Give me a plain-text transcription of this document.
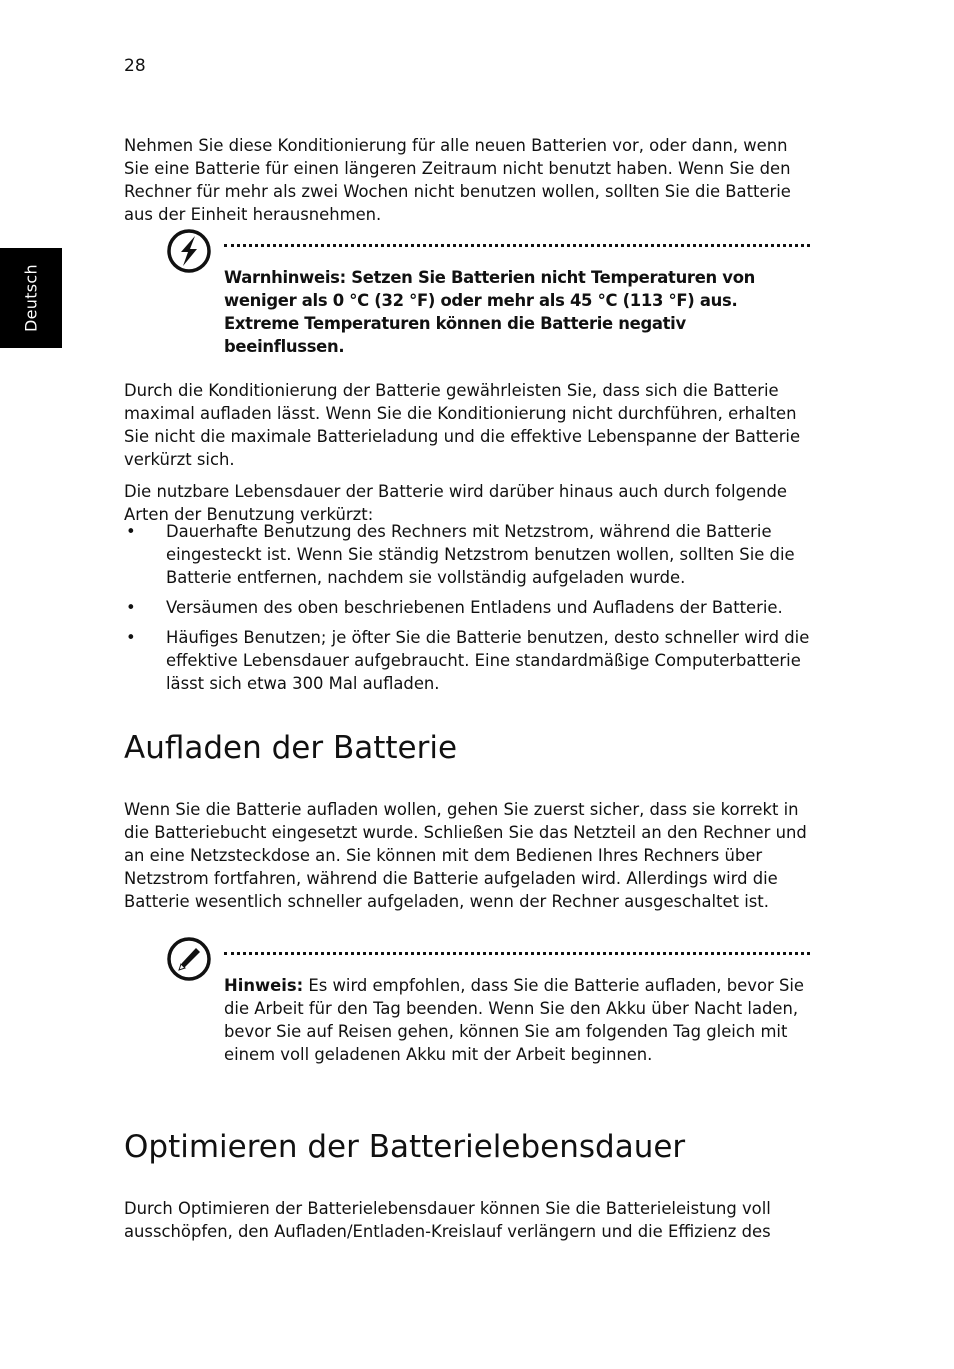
28
Deutsch

Nehmen Sie diese Konditionierung für alle neuen Batterien vor, oder dann, wenn Sie eine Batterie für einen längeren Zeitraum nicht benutzt haben. Wenn Sie den Rechner für mehr als zwei Wochen nicht benutzen wollen, sollten Sie die Batterie aus der Einheit herausnehmen.

Warnhinweis: Setzen Sie Batterien nicht Temperaturen von weniger als 0 °C (32 °F) oder mehr als 45 °C (113 °F) aus. Extreme Temperaturen können die Batterie negativ beeinflussen.

Durch die Konditionierung der Batterie gewährleisten Sie, dass sich die Batterie maximal aufladen lässt. Wenn Sie die Konditionierung nicht durchführen, erhalten Sie nicht die maximale Batterieladung und die effektive Lebenspanne der Batterie verkürzt sich.

Die nutzbare Lebensdauer der Batterie wird darüber hinaus auch durch folgende Arten der Benutzung verkürzt:

• Dauerhafte Benutzung des Rechners mit Netzstrom, während die Batterie eingesteckt ist. Wenn Sie ständig Netzstrom benutzen wollen, sollten Sie die Batterie entfernen, nachdem sie vollständig aufgeladen wurde.
• Versäumen des oben beschriebenen Entladens und Aufladens der Batterie.
• Häufiges Benutzen; je öfter Sie die Batterie benutzen, desto schneller wird die effektive Lebensdauer aufgebraucht. Eine standardmäßige Computerbatterie lässt sich etwa 300 Mal aufladen.
Aufladen der Batterie

Wenn Sie die Batterie aufladen wollen, gehen Sie zuerst sicher, dass sie korrekt in die Batteriebucht eingesetzt wurde. Schließen Sie das Netzteil an den Rechner und an eine Netzsteckdose an. Sie können mit dem Bedienen Ihres Rechners über Netzstrom fortfahren, während die Batterie aufgeladen wird. Allerdings wird die Batterie wesentlich schneller aufgeladen, wenn der Rechner ausgeschaltet ist.

Hinweis: Es wird empfohlen, dass Sie die Batterie aufladen, bevor Sie die Arbeit für den Tag beenden. Wenn Sie den Akku über Nacht laden, bevor Sie auf Reisen gehen, können Sie am folgenden Tag gleich mit einem voll geladenen Akku mit der Arbeit beginnen.
Optimieren der Batterielebensdauer

Durch Optimieren der Batterielebensdauer können Sie die Batterieleistung voll ausschöpfen, den Aufladen/Entladen-Kreislauf verlängern und die Effizienz des
